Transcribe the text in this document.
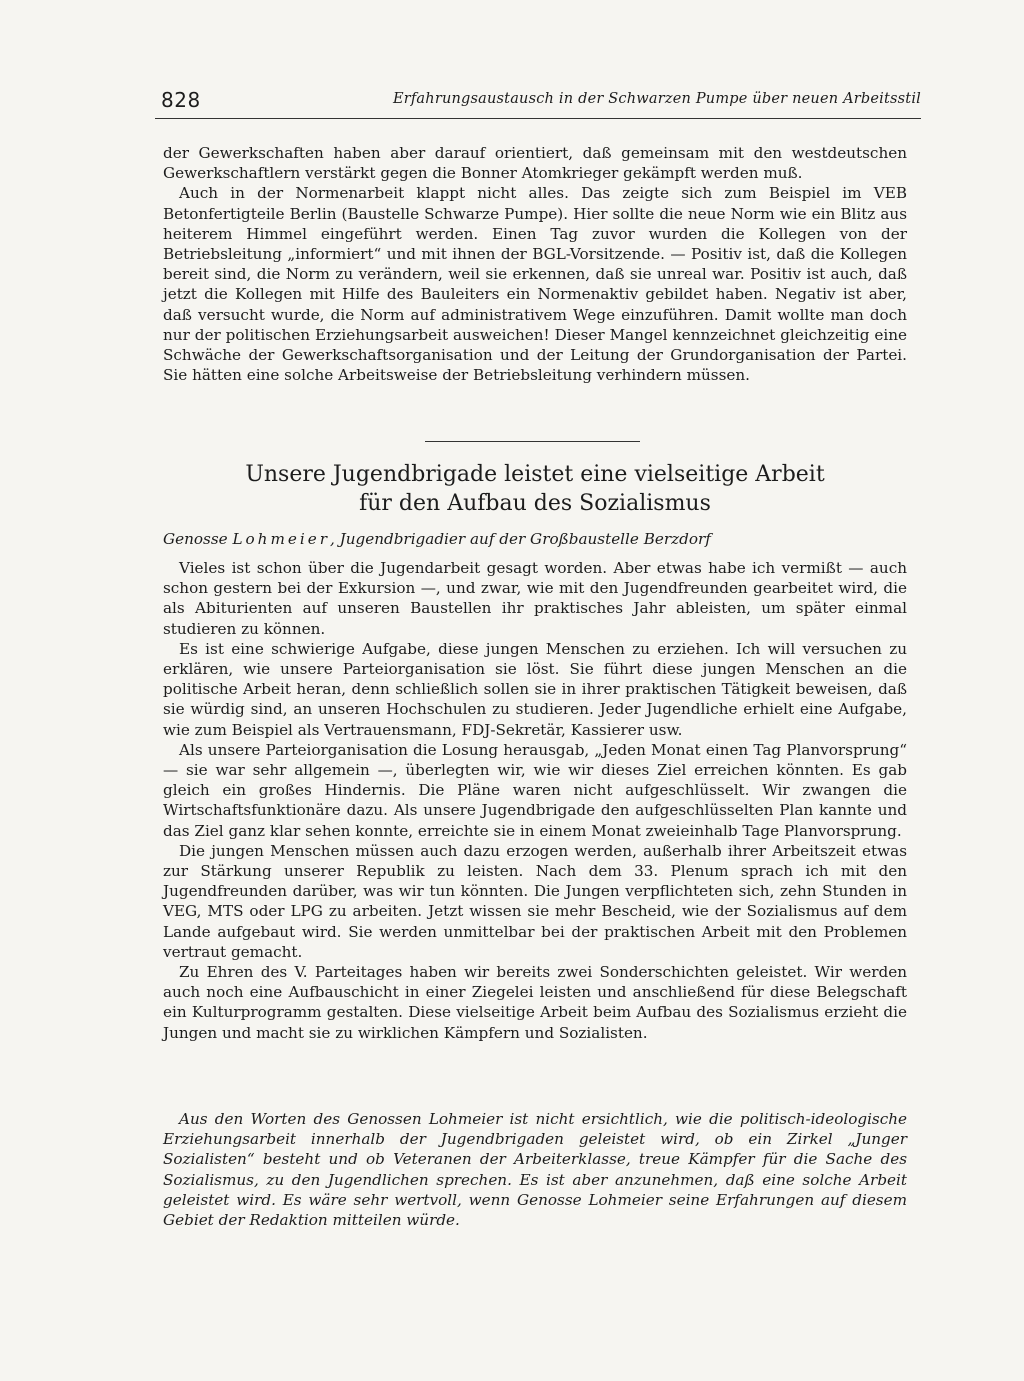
828	Erfahrungsaustausch in der Schwarzen Pumpe über neuen Arbeitsstil

der Gewerkschaften haben aber darauf orientiert, daß gemeinsam mit den westdeutschen Gewerkschaftlern verstärkt gegen die Bonner Atomkrieger gekämpft werden muß.

Auch in der Normenarbeit klappt nicht alles. Das zeigte sich zum Beispiel im VEB Betonfertigteile Berlin (Baustelle Schwarze Pumpe). Hier sollte die neue Norm wie ein Blitz aus heiterem Himmel eingeführt werden. Einen Tag zuvor wurden die Kollegen von der Betriebsleitung „informiert“ und mit ihnen der BGL-Vorsitzende. — Positiv ist, daß die Kollegen bereit sind, die Norm zu verändern, weil sie erkennen, daß sie unreal war. Positiv ist auch, daß jetzt die Kollegen mit Hilfe des Bauleiters ein Normenaktiv gebildet haben. Negativ ist aber, daß versucht wurde, die Norm auf administrativem Wege einzuführen. Damit wollte man doch nur der politischen Erziehungsarbeit ausweichen! Dieser Mangel kennzeichnet gleichzeitig eine Schwäche der Gewerkschaftsorganisation und der Leitung der Grundorganisation der Partei. Sie hätten eine solche Arbeitsweise der Betriebsleitung verhindern müssen.

Unsere Jugendbrigade leistet eine vielseitige Arbeit
für den Aufbau des Sozialismus

Genosse Lohmeier, Jugendbrigadier auf der Großbaustelle Berzdorf

Vieles ist schon über die Jugendarbeit gesagt worden. Aber etwas habe ich vermißt — auch schon gestern bei der Exkursion —, und zwar, wie mit den Jugendfreunden gearbeitet wird, die als Abiturienten auf unseren Baustellen ihr praktisches Jahr ableisten, um später einmal studieren zu können.

Es ist eine schwierige Aufgabe, diese jungen Menschen zu erziehen. Ich will versuchen zu erklären, wie unsere Parteiorganisation sie löst. Sie führt diese jungen Menschen an die politische Arbeit heran, denn schließlich sollen sie in ihrer praktischen Tätigkeit beweisen, daß sie würdig sind, an unseren Hochschulen zu studieren. Jeder Jugendliche erhielt eine Aufgabe, wie zum Beispiel als Vertrauensmann, FDJ-Sekretär, Kassierer usw.

Als unsere Parteiorganisation die Losung herausgab, „Jeden Monat einen Tag Planvorsprung“ — sie war sehr allgemein —, überlegten wir, wie wir dieses Ziel erreichen könnten. Es gab gleich ein großes Hindernis. Die Pläne waren nicht aufgeschlüsselt. Wir zwangen die Wirtschaftsfunktionäre dazu. Als unsere Jugendbrigade den aufgeschlüsselten Plan kannte und das Ziel ganz klar sehen konnte, erreichte sie in einem Monat zweieinhalb Tage Planvorsprung.

Die jungen Menschen müssen auch dazu erzogen werden, außerhalb ihrer Arbeitszeit etwas zur Stärkung unserer Republik zu leisten. Nach dem 33. Plenum sprach ich mit den Jugendfreunden darüber, was wir tun könnten. Die Jungen verpflichteten sich, zehn Stunden in VEG, MTS oder LPG zu arbeiten. Jetzt wissen sie mehr Bescheid, wie der Sozialismus auf dem Lande aufgebaut wird. Sie werden unmittelbar bei der praktischen Arbeit mit den Problemen vertraut gemacht.

Zu Ehren des V. Parteitages haben wir bereits zwei Sonderschichten geleistet. Wir werden auch noch eine Aufbauschicht in einer Ziegelei leisten und anschließend für diese Belegschaft ein Kulturprogramm gestalten. Diese vielseitige Arbeit beim Aufbau des Sozialismus erzieht die Jungen und macht sie zu wirklichen Kämpfern und Sozialisten.

Aus den Worten des Genossen Lohmeier ist nicht ersichtlich, wie die politisch-ideologische Erziehungsarbeit innerhalb der Jugendbrigaden geleistet wird, ob ein Zirkel „Junger Sozialisten“ besteht und ob Veteranen der Arbeiterklasse, treue Kämpfer für die Sache des Sozialismus, zu den Jugendlichen sprechen. Es ist aber anzunehmen, daß eine solche Arbeit geleistet wird. Es wäre sehr wertvoll, wenn Genosse Lohmeier seine Erfahrungen auf diesem Gebiet der Redaktion mitteilen würde.
